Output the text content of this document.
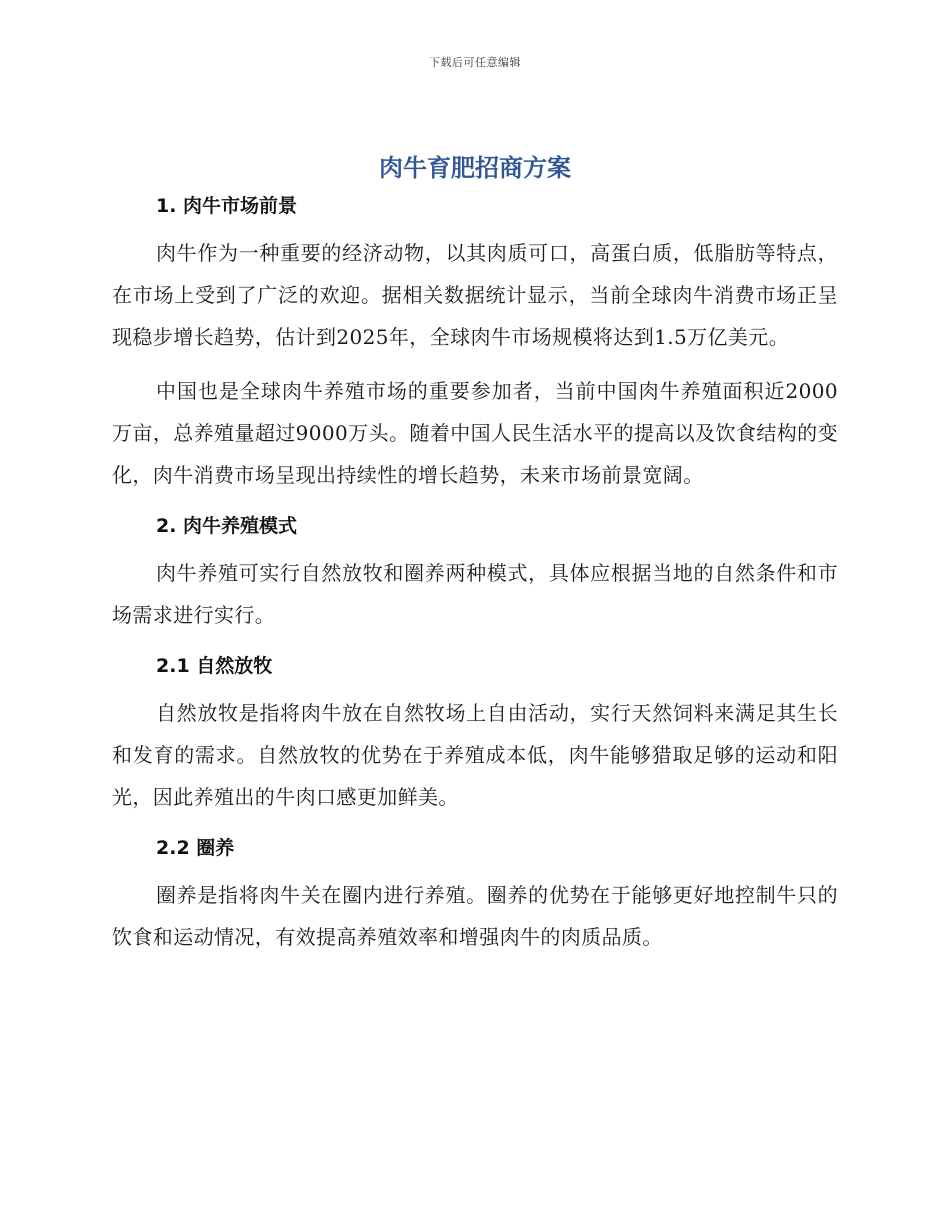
下载后可任意编辑
肉牛育肥招商方案
1. 肉牛市场前景

肉牛作为一种重要的经济动物，以其肉质可口，高蛋白质，低脂肪等特点，在市场上受到了广泛的欢迎。据相关数据统计显示，当前全球肉牛消费市场正呈现稳步增长趋势，估计到2025年，全球肉牛市场规模将达到1.5万亿美元。

中国也是全球肉牛养殖市场的重要参加者，当前中国肉牛养殖面积近2000万亩，总养殖量超过9000万头。随着中国人民生活水平的提高以及饮食结构的变化，肉牛消费市场呈现出持续性的增长趋势，未来市场前景宽阔。

2. 肉牛养殖模式

肉牛养殖可实行自然放牧和圈养两种模式，具体应根据当地的自然条件和市场需求进行实行。

2.1 自然放牧

自然放牧是指将肉牛放在自然牧场上自由活动，实行天然饲料来满足其生长和发育的需求。自然放牧的优势在于养殖成本低，肉牛能够猎取足够的运动和阳光，因此养殖出的牛肉口感更加鲜美。

2.2 圈养

圈养是指将肉牛关在圈内进行养殖。圈养的优势在于能够更好地控制牛只的饮食和运动情况，有效提高养殖效率和增强肉牛的肉质品质。
